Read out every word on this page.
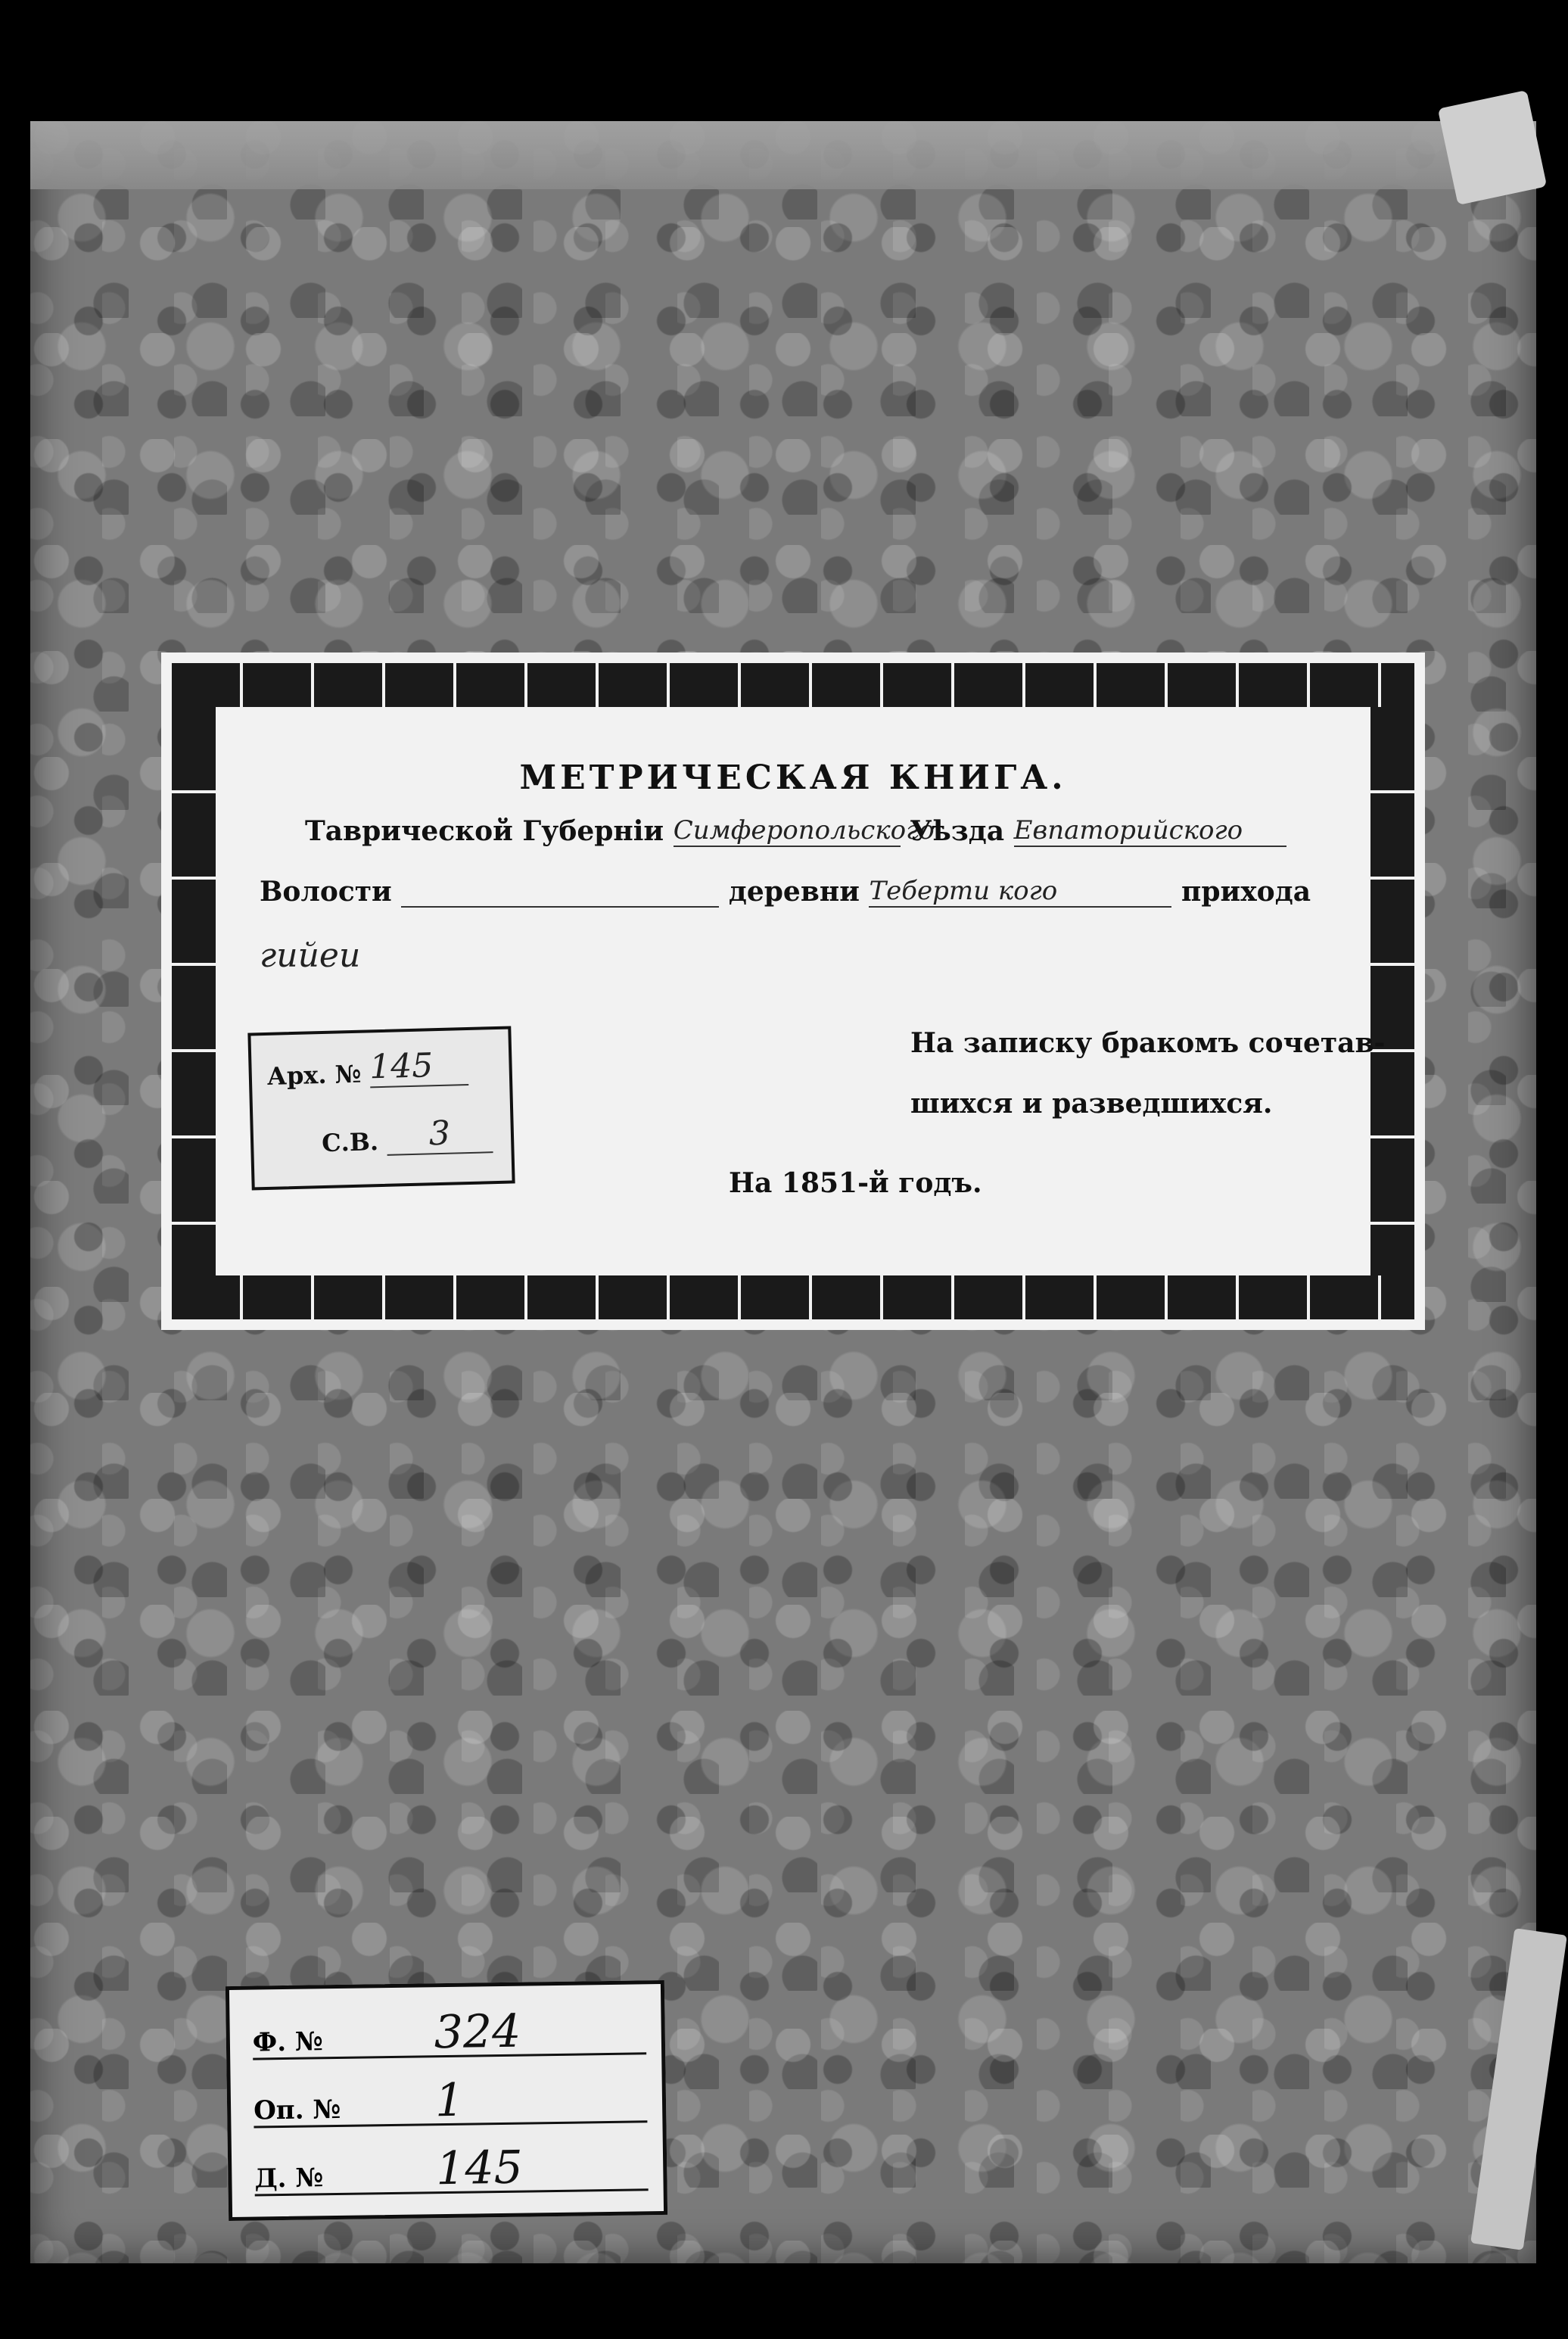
МЕТРИЧЕСКАЯ КНИГА.
Таврической Губерніи Симферопольского Уѣзда Евпаторийского
Волости	деревни Теберти кого	прихода
гийеи
На записку бракомъ сочетав-
шихся и разведшихся.
На 1851-й годъ.
Арх. № 145
С.В. 3
Ф. №	324
Оп. № 1
Д. №	145
